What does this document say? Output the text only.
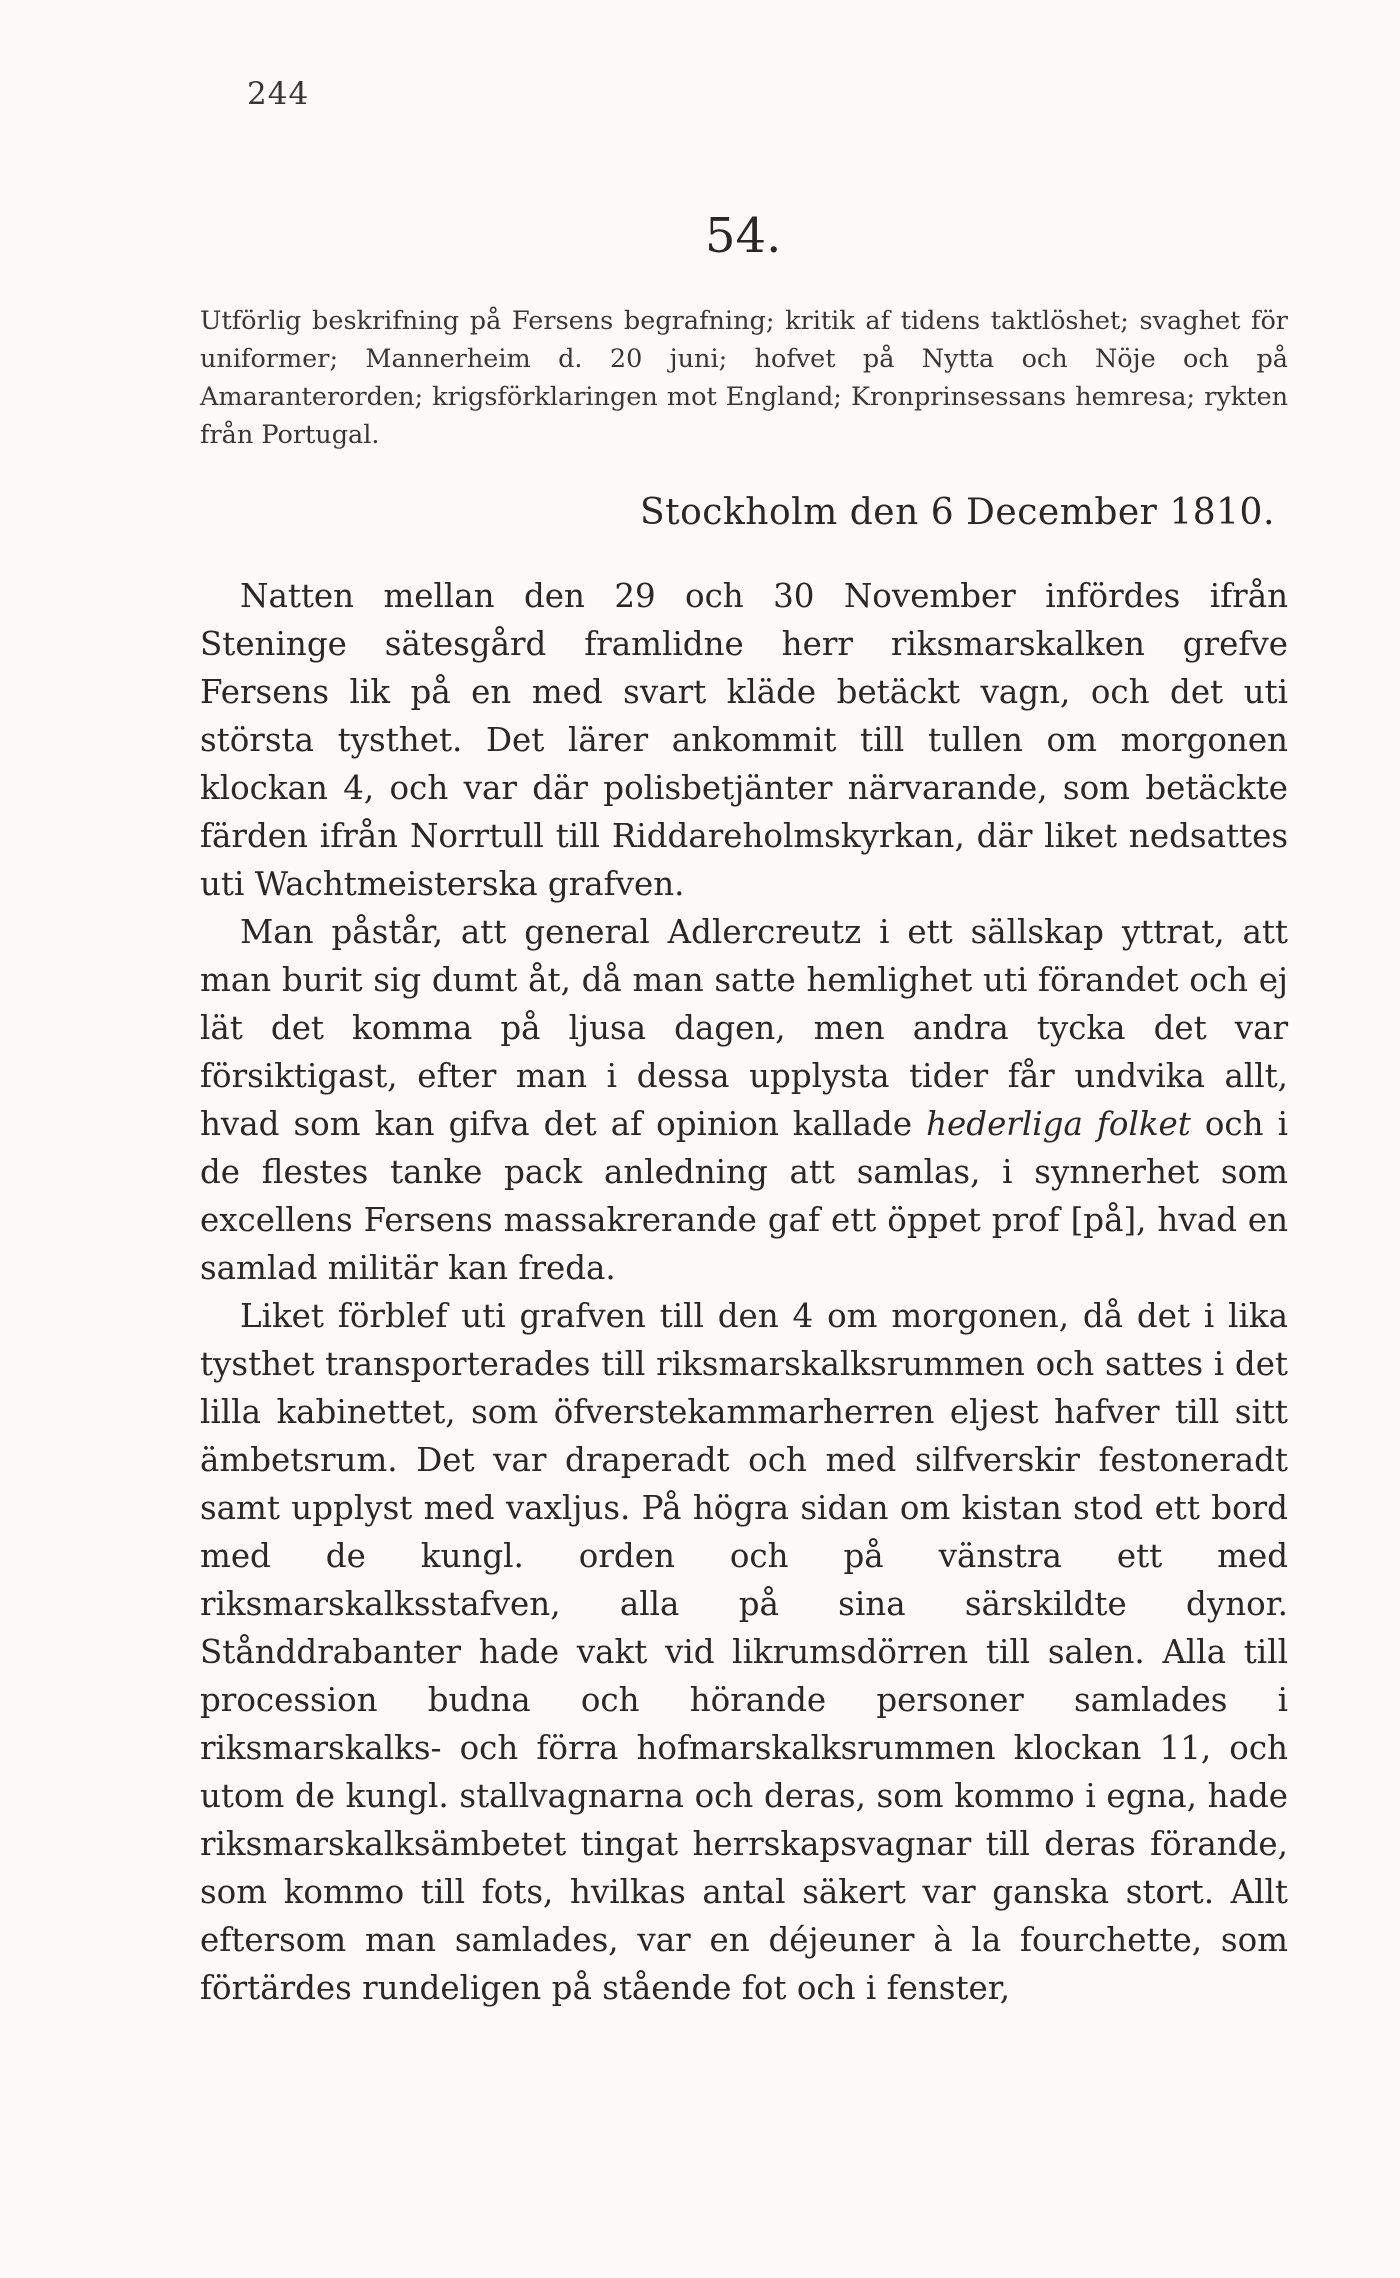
244
54.
Utförlig beskrifning på Fersens begrafning; kritik af tidens taktlöshet; svaghet för uniformer; Mannerheim d. 20 juni; hofvet på Nytta och Nöje och på Amaranterorden; krigsförklaringen mot England; Kronprinsessans hemresa; rykten från Portugal.
Stockholm den 6 December 1810.

Natten mellan den 29 och 30 November infördes ifrån Steninge sätesgård framlidne herr riksmarskalken grefve Fersens lik på en med svart kläde betäckt vagn, och det uti största tysthet. Det lärer ankommit till tullen om morgonen klockan 4, och var där polisbetjänter närvarande, som betäckte färden ifrån Norrtull till Riddareholmskyrkan, där liket nedsattes uti Wachtmeisterska grafven.

Man påstår, att general Adlercreutz i ett sällskap yttrat, att man burit sig dumt åt, då man satte hemlighet uti förandet och ej lät det komma på ljusa dagen, men andra tycka det var försiktigast, efter man i dessa upplysta tider får undvika allt, hvad som kan gifva det af opinion kallade hederliga folket och i de flestes tanke pack anledning att samlas, i synnerhet som excellens Fersens massakrerande gaf ett öppet prof [på], hvad en samlad militär kan freda.

Liket förblef uti grafven till den 4 om morgonen, då det i lika tysthet transporterades till riksmarskalksrummen och sattes i det lilla kabinettet, som öfverstekammarherren eljest hafver till sitt ämbetsrum. Det var draperadt och med silfverskir festoneradt samt upplyst med vaxljus. På högra sidan om kistan stod ett bord med de kungl. orden och på vänstra ett med riksmarskalksstafven, alla på sina särskildte dynor. Stånddrabanter hade vakt vid likrumsdörren till salen. Alla till procession budna och hörande personer samlades i riksmarskalks- och förra hofmarskalksrummen klockan 11, och utom de kungl. stallvagnarna och deras, som kommo i egna, hade riksmarskalksämbetet tingat herrskapsvagnar till deras förande, som kommo till fots, hvilkas antal säkert var ganska stort. Allt eftersom man samlades, var en déjeuner à la fourchette, som förtärdes rundeligen på stående fot och i fenster,
